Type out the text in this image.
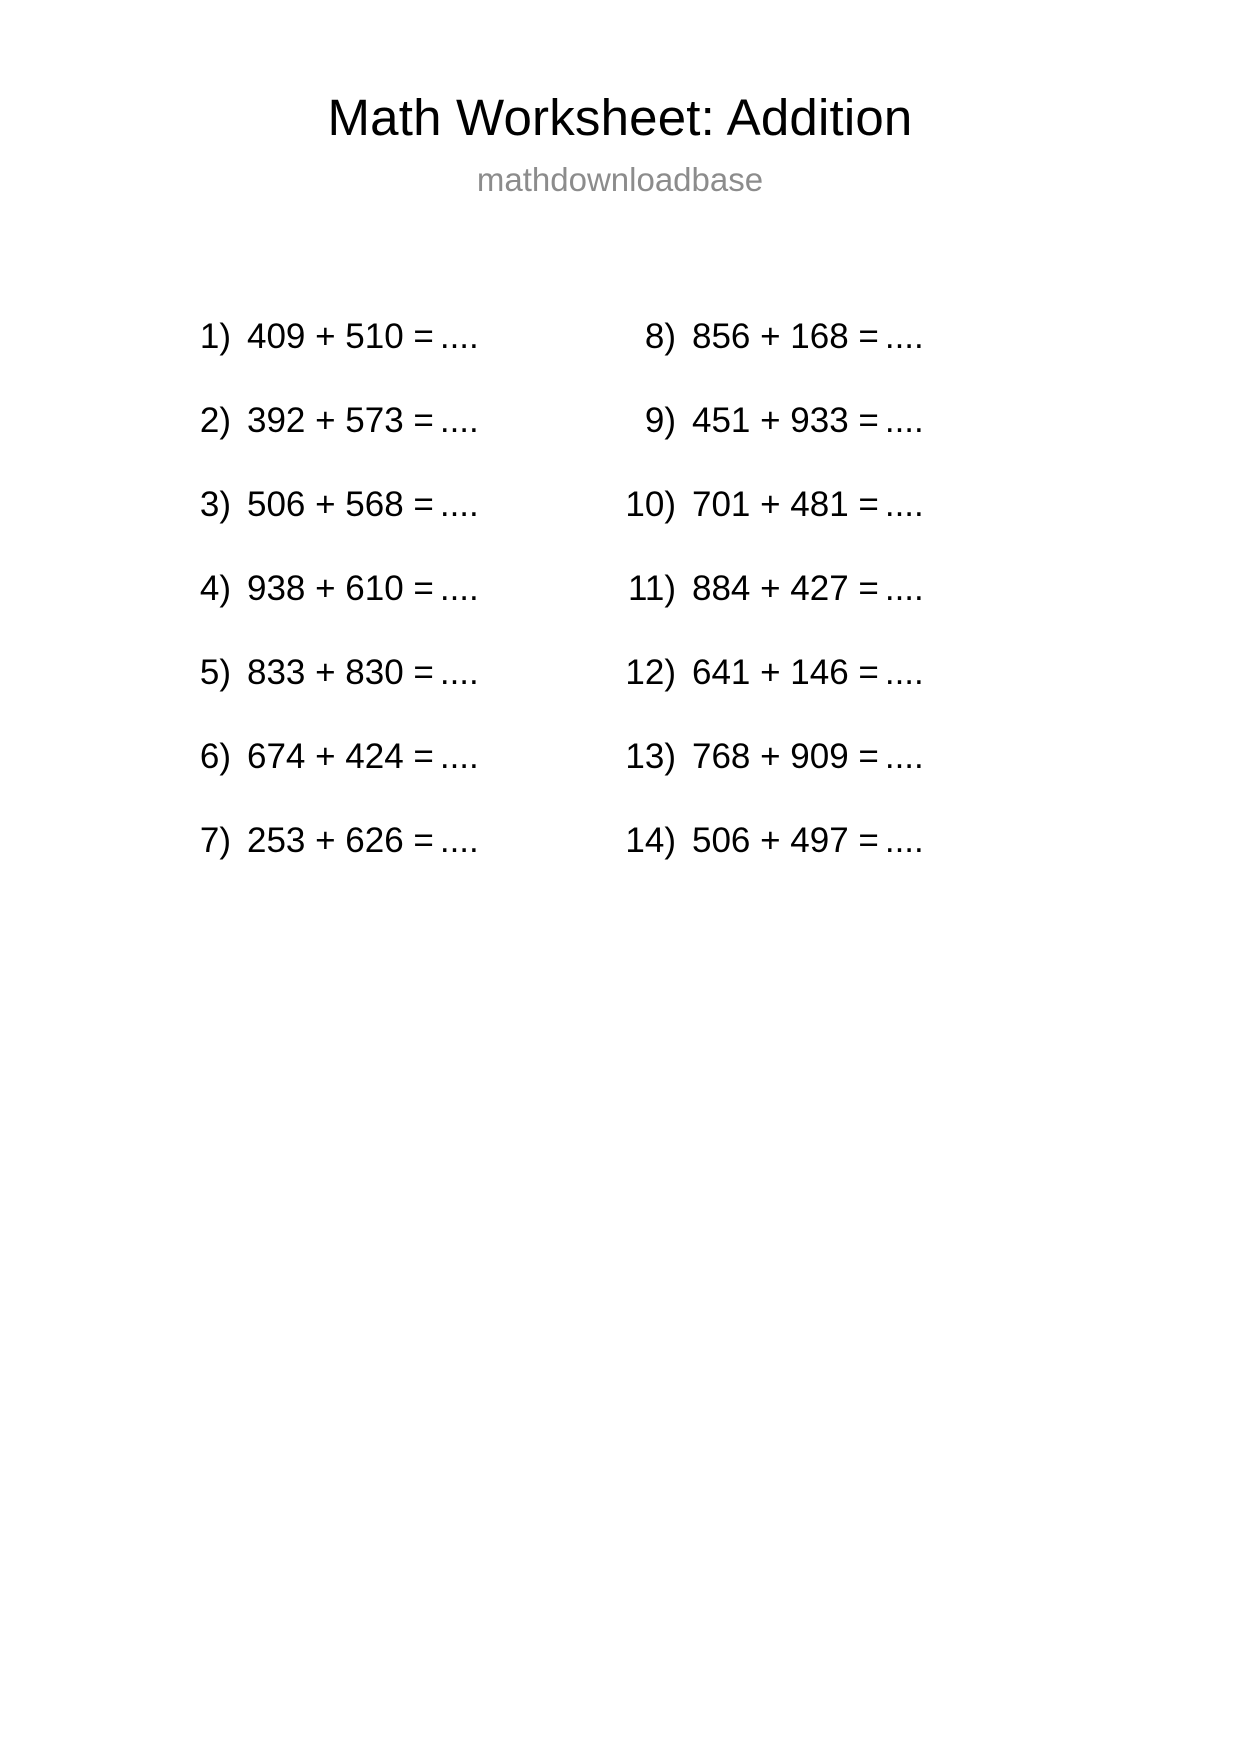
Math Worksheet: Addition
mathdownloadbase
1) 409 + 510 = ....
2) 392 + 573 = ....
3) 506 + 568 = ....
4) 938 + 610 = ....
5) 833 + 830 = ....
6) 674 + 424 = ....
7) 253 + 626 = ....
8) 856 + 168 = ....
9) 451 + 933 = ....
10) 701 + 481 = ....
11) 884 + 427 = ....
12) 641 + 146 = ....
13) 768 + 909 = ....
14) 506 + 497 = ....
